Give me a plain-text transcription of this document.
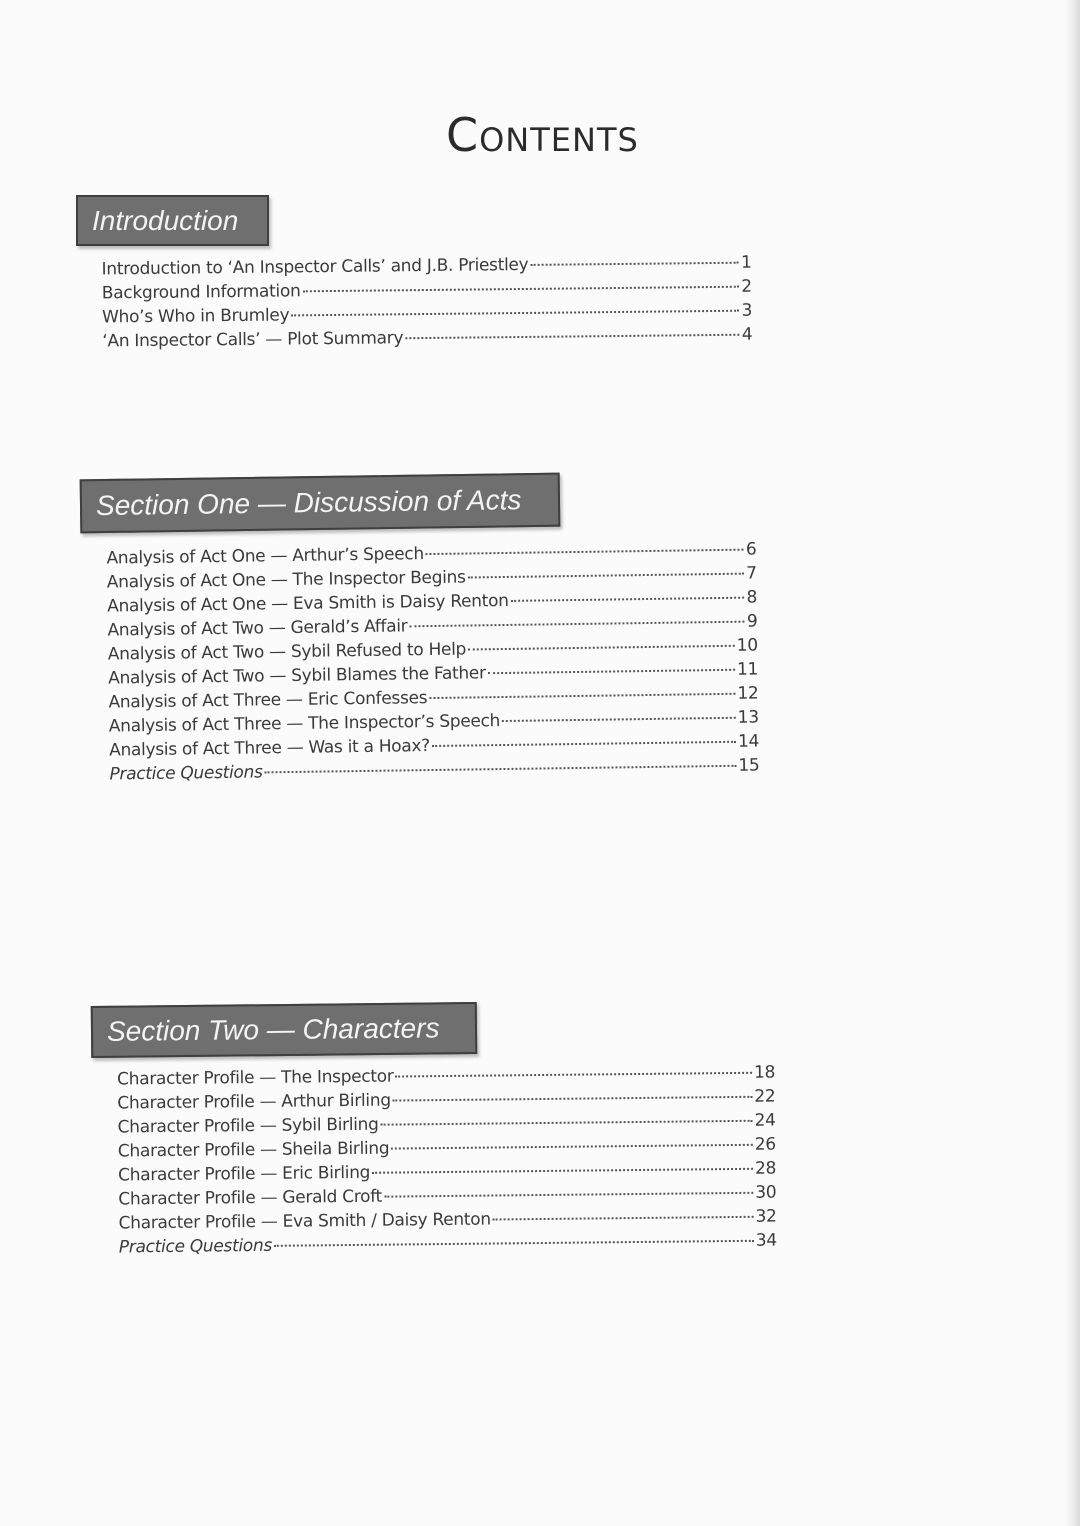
Contents
Introduction
Introduction to ‘An Inspector Calls’ and J.B. Priestley	1
Background Information	2
Who’s Who in Brumley	3
‘An Inspector Calls’ — Plot Summary	4
Section One — Discussion of Acts
Analysis of Act One — Arthur’s Speech	6
Analysis of Act One — The Inspector Begins	7
Analysis of Act One — Eva Smith is Daisy Renton	8
Analysis of Act Two — Gerald’s Affair	9
Analysis of Act Two — Sybil Refused to Help	10
Analysis of Act Two — Sybil Blames the Father	11
Analysis of Act Three — Eric Confesses	12
Analysis of Act Three — The Inspector’s Speech	13
Analysis of Act Three — Was it a Hoax?	14
Practice Questions	15
Section Two — Characters
Character Profile — The Inspector	18
Character Profile — Arthur Birling	22
Character Profile — Sybil Birling	24
Character Profile — Sheila Birling	26
Character Profile — Eric Birling	28
Character Profile — Gerald Croft	30
Character Profile — Eva Smith / Daisy Renton	32
Practice Questions	34
